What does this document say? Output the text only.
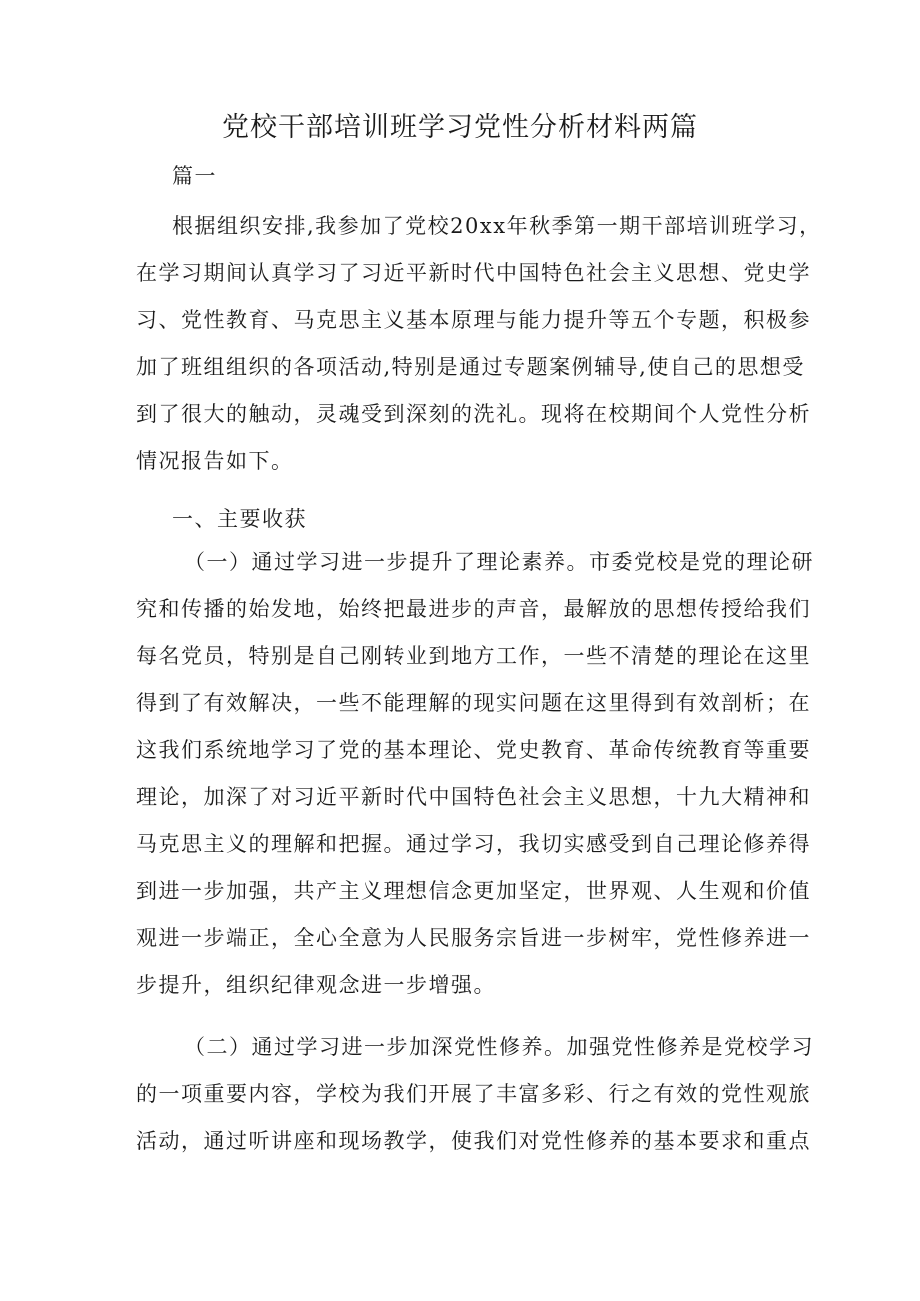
党校干部培训班学习党性分析材料两篇
篇一
根据组织安排,我参加了党校20xx年秋季第一期干部培训班学习，
在学习期间认真学习了习近平新时代中国特色社会主义思想、党史学
习、党性教育、马克思主义基本原理与能力提升等五个专题，积极参
加了班组组织的各项活动,特别是通过专题案例辅导,使自己的思想受
到了很大的触动，灵魂受到深刻的洗礼。现将在校期间个人党性分析
情况报告如下。
一、主要收获
（一）通过学习进一步提升了理论素养。市委党校是党的理论研
究和传播的始发地，始终把最进步的声音，最解放的思想传授给我们
每名党员，特别是自己刚转业到地方工作，一些不清楚的理论在这里
得到了有效解决，一些不能理解的现实问题在这里得到有效剖析；在
这我们系统地学习了党的基本理论、党史教育、革命传统教育等重要
理论，加深了对习近平新时代中国特色社会主义思想，十九大精神和
马克思主义的理解和把握。通过学习，我切实感受到自己理论修养得
到进一步加强，共产主义理想信念更加坚定，世界观、人生观和价值
观进一步端正，全心全意为人民服务宗旨进一步树牢，党性修养进一
步提升，组织纪律观念进一步增强。
（二）通过学习进一步加深党性修养。加强党性修养是党校学习
的一项重要内容，学校为我们开展了丰富多彩、行之有效的党性观旅
活动，通过听讲座和现场教学，使我们对党性修养的基本要求和重点
